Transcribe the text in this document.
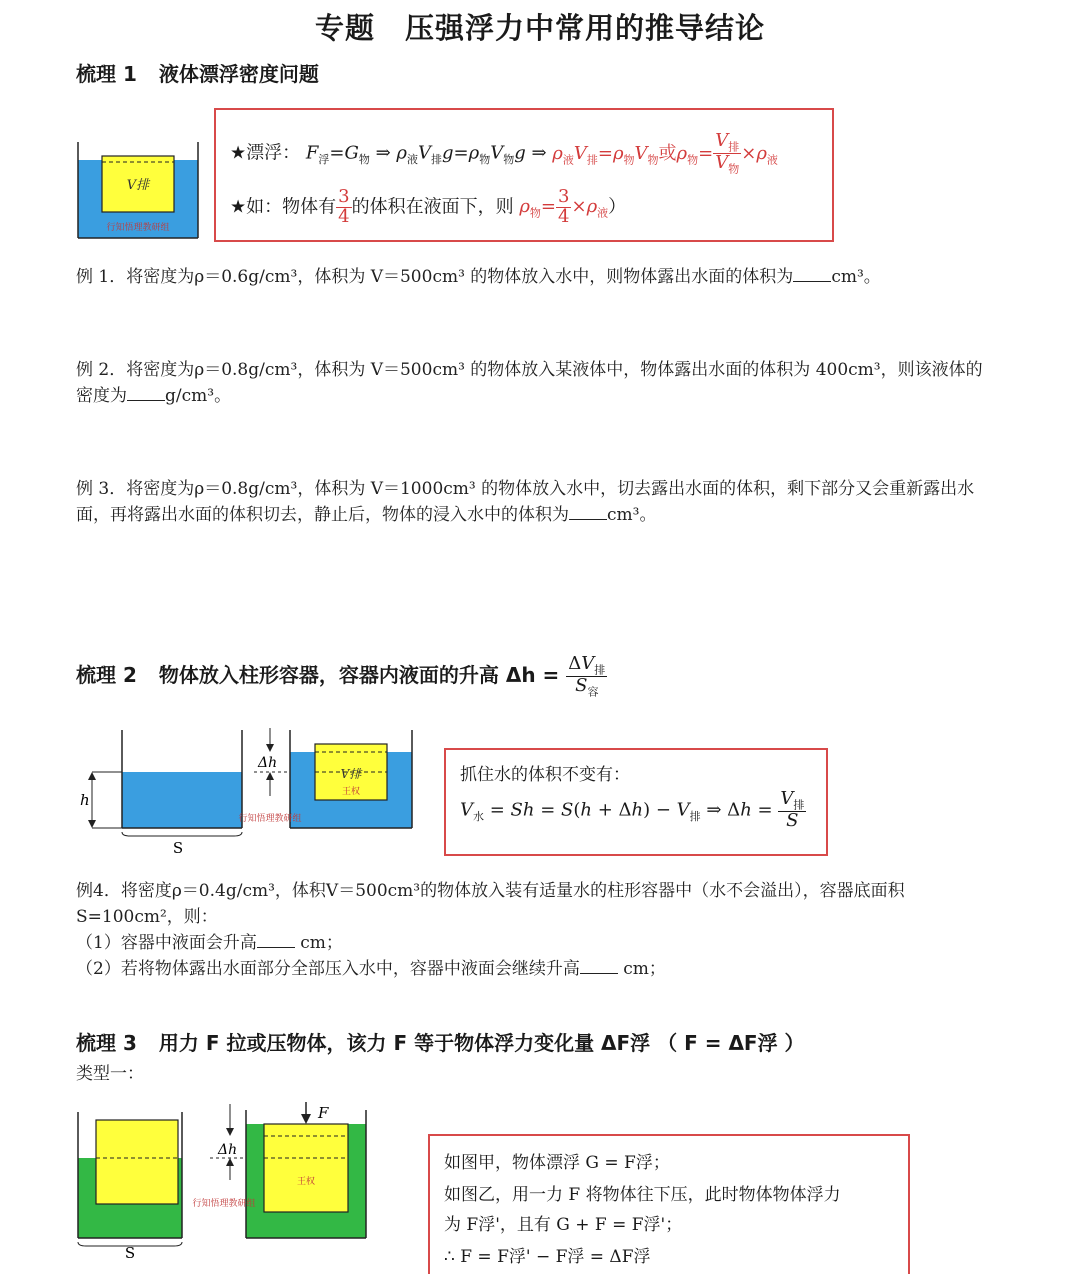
专题　压强浮力中常用的推导结论
梳理 1 液体漂浮密度问题
V排
行知悟理教研组
★漂浮： $F_浮=G_物$ ⇒ $\rho_液V_排g=\rho_物V_物g$ ⇒ $\rho_液V_排=\rho_物V_物$或$\rho_物= \frac{V_排}{V_物} \times\rho_液$
★如：物体有 $\frac{3}{4}$ 的体积在液面下，则 $\rho_物= \frac{3}{4} \times\rho_液$）
例 1．将密度为ρ＝0.6g/cm³，体积为 V＝500cm³ 的物体放入水中，则物体露出水面的体积为 cm³。
例 2．将密度为ρ＝0.8g/cm³，体积为 V＝500cm³ 的物体放入某液体中，物体露出水面的体积为 400cm³，则该液体的密度为 g/cm³。
例 3．将密度为ρ＝0.8g/cm³，体积为 V＝1000cm³ 的物体放入水中，切去露出水面的体积，剩下部分又会重新露出水面，再将露出水面的体积切去，静止后，物体的浸入水中的体积为 cm³。
梳理 2 物体放入柱形容器，容器内液面的升高 $\Delta h = \frac{\Delta V_排}{S_容}$
h
S
Δh
V排
王权
行知悟理教研组
抓住水的体积不变有：
$V_水 = Sh = S(h + \Delta h) - V_排$ ⇒ $\Delta h = \frac{V_排}{S}$
例4．将密度ρ＝0.4g/cm³，体积V＝500cm³的物体放入装有适量水的柱形容器中（水不会溢出），容器底面积S=100cm²，则：
（1）容器中液面会升高	cm；
（2）若将物体露出水面部分全部压入水中，容器中液面会继续升高	cm；
梳理 3 用力 F 拉或压物体，该力 F 等于物体浮力变化量 ΔF浮 （ F = ΔF浮 ）
类型一：
S
Δh
F
王权
行知悟理教研组
如图甲，物体漂浮 G = F浮；
如图乙，用一力 F 将物体往下压，此时物体物体浮力
为 F浮'，且有 G + F = F浮'；
∴ F = F浮' − F浮 = ΔF浮
